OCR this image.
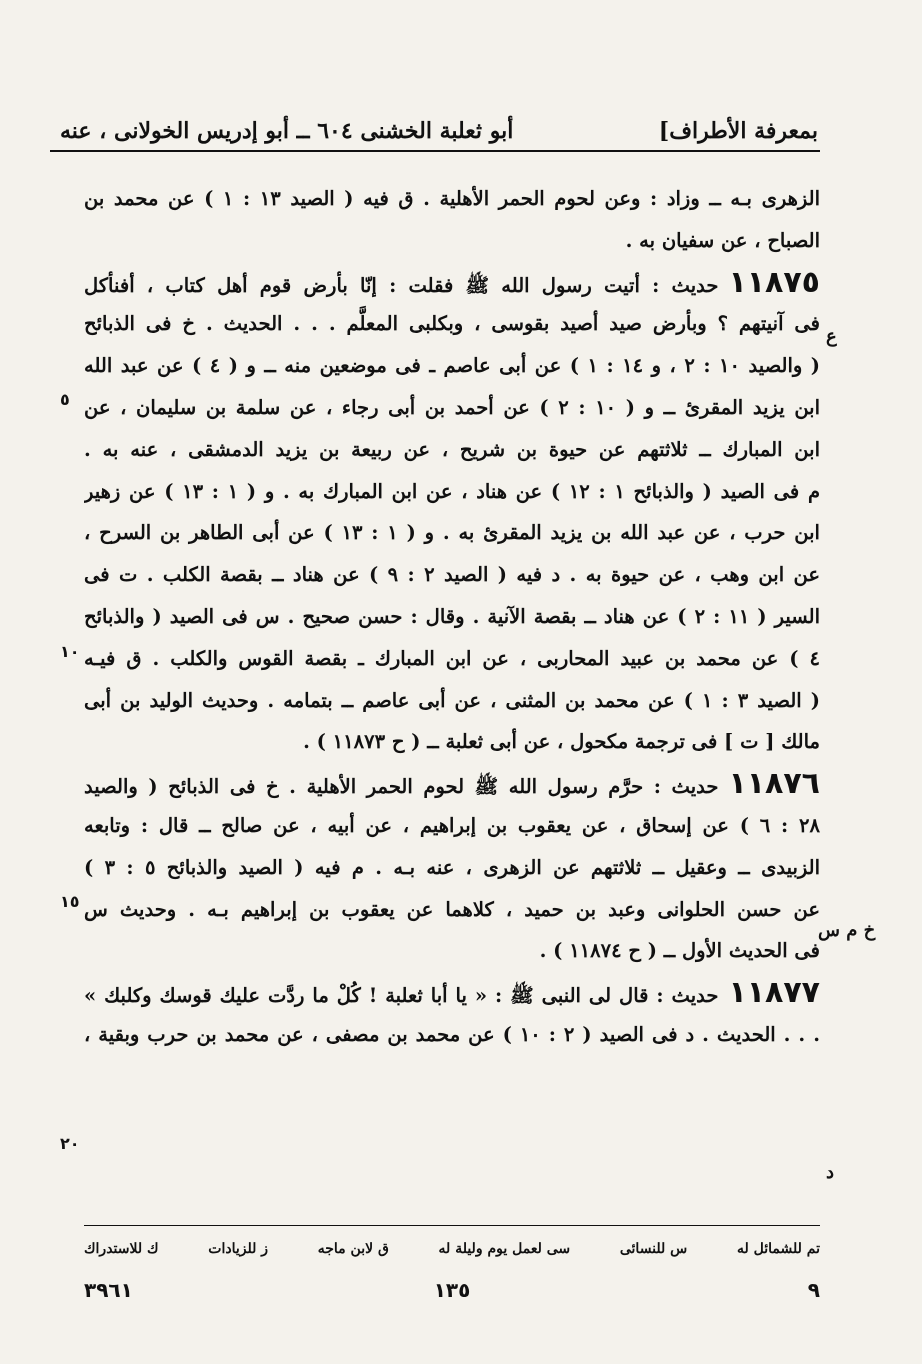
بمعرفة الأطراف]
أبو ثعلبة الخشنى ٦٠٤ ــ أبو إدريس الخولانى ، عنه
الزهرى بـه ــ وزاد : وعن لحوم الحمر الأهلية . ق فيه ( الصيد ١٣ : ١ ) عن محمد بن
الصباح ، عن سفيان به .
١١٨٧٥حديث : أتيت رسول الله ﷺ فقلت : إنّا بأرض قوم أهل كتاب ، أفنأكل
فى آنيتهم ؟ وبأرض صيد أصيد بقوسى ، وبكلبى المعلَّم . . . الحديث . خ فى الذبائح
( والصيد ١٠ : ٢ ، و ١٤ : ١ ) عن أبى عاصم ـ فى موضعين منه ــ و ( ٤ ) عن عبد الله
ابن يزيد المقرئ ــ و ( ١٠ : ٢ ) عن أحمد بن أبى رجاء ، عن سلمة بن سليمان ، عن
ابن المبارك ــ ثلاثتهم عن حيوة بن شريح ، عن ربيعة بن يزيد الدمشقى ، عنه به .
م فى الصيد ( والذبائح ١ : ١٢ ) عن هناد ، عن ابن المبارك به . و ( ١ : ١٣ ) عن زهير
ابن حرب ، عن عبد الله بن يزيد المقرئ به . و ( ١ : ١٣ ) عن أبى الطاهر بن السرح ،
عن ابن وهب ، عن حيوة به . د فيه ( الصيد ٢ : ٩ ) عن هناد ــ بقصة الكلب . ت فى
السير ( ١١ : ٢ ) عن هناد ــ بقصة الآنية . وقال : حسن صحيح . س فى الصيد ( والذبائح
٤ ) عن محمد بن عبيد المحاربى ، عن ابن المبارك ـ بقصة القوس والكلب . ق فيـه
( الصيد ٣ : ١ ) عن محمد بن المثنى ، عن أبى عاصم ــ بتمامه . وحديث الوليد بن أبى
مالك [ ت ] فى ترجمة مكحول ، عن أبى ثعلبة ــ ( ح ١١٨٧٣ ) .
١١٨٧٦حديث : حرَّم رسول الله ﷺ لحوم الحمر الأهلية . خ فى الذبائح ( والصيد
٢٨ : ٦ ) عن إسحاق ، عن يعقوب بن إبراهيم ، عن أبيه ، عن صالح ــ قال : وتابعه
الزبيدى ــ وعقيل ــ ثلاثتهم عن الزهرى ، عنه بـه . م فيه ( الصيد والذبائح ٥ : ٣ )
عن حسن الحلوانى وعبد بن حميد ، كلاهما عن يعقوب بن إبراهيم بـه . وحديث س
فى الحديث الأول ــ ( ح ١١٨٧٤ ) .
١١٨٧٧حديث : قال لى النبى ﷺ : « يا أبا ثعلبة ! كُلْ ما ردَّت عليك قوسك وكلبك »
. . . الحديث . د فى الصيد ( ٢ : ١٠ ) عن محمد بن مصفى ، عن محمد بن حرب وبقية ،
ع
خ م س
د
٥
١٠
١٥
٢٠
تم للشمائل له
س للنسائى
سى لعمل يوم وليلة له
ق لابن ماجه
ز للزيادات
ك للاستدراك
٩
١٣٥
٣٩٦١
